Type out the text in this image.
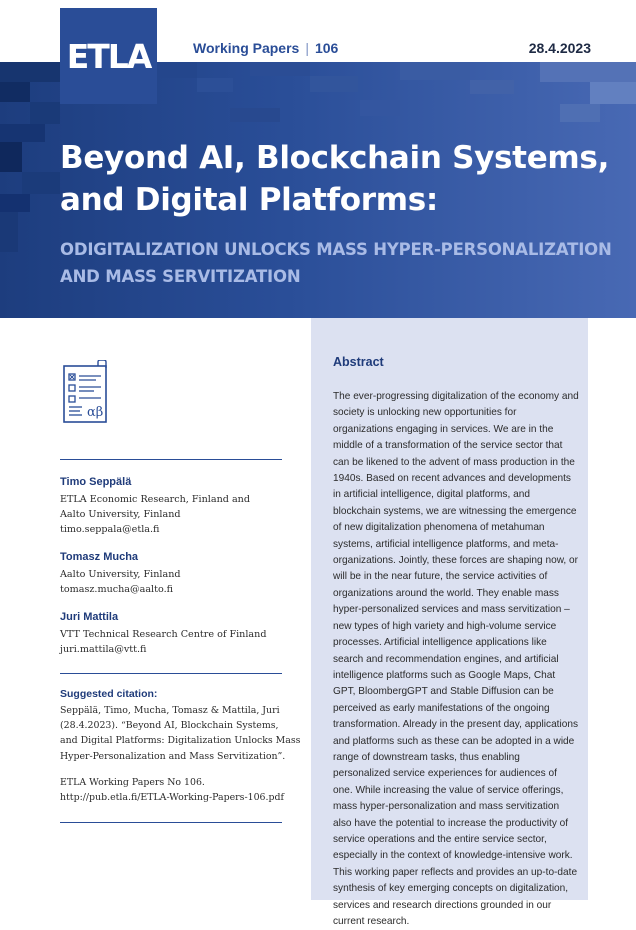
ETLA	Working Papers | 106	28.4.2023
Beyond AI, Blockchain Systems,
and Digital Platforms:
ODIGITALIZATION UNLOCKS MASS HYPER-PERSONALIZATION
AND MASS SERVITIZATION
αβ

Timo Seppälä

ETLA Economic Research, Finland and

Aalto University, Finland

timo.seppala@etla.fi

Tomasz Mucha

Aalto University, Finland

tomasz.mucha@aalto.fi

Juri Mattila

VTT Technical Research Centre of Finland

juri.mattila@vtt.fi

Suggested citation:

Seppälä, Timo, Mucha, Tomasz & Mattila, Juri

(28.4.2023). “Beyond AI, Blockchain Systems,

and Digital Platforms: Digitalization Unlocks Mass

Hyper-Personalization and Mass Servitization”.

ETLA Working Papers No 106.

http://pub.etla.fi/ETLA-Working-Papers-106.pdf

Abstract

The ever-progressing digitalization of the economy and society is unlocking new opportunities for organizations engaging in services. We are in the middle of a transformation of the service sector that can be likened to the advent of mass production in the 1940s. Based on recent advances and developments in artificial intelligence, digital platforms, and blockchain systems, we are witnessing the emergence of new digitalization phenomena of metahuman systems, artificial intelligence platforms, and meta-organizations. Jointly, these forces are shaping now, or will be in the near future, the service activities of organizations around the world. They enable mass hyper-personalized services and mass servitization – new types of high variety and high-volume service processes. Artificial intelligence applications like search and recommendation engines, and artificial intelligence platforms such as Google Maps, Chat GPT, BloombergGPT and Stable Diffusion can be perceived as early manifestations of the ongoing transformation. Already in the present day, applications and platforms such as these can be adopted in a wide range of downstream tasks, thus enabling personalized service experiences for audiences of one. While increasing the value of service offerings, mass hyper-personalization and mass servitization also have the potential to increase the productivity of service operations and the entire service sector, especially in the context of knowledge-intensive work. This working paper reflects and provides an up-to-date synthesis of key emerging concepts on digitalization, services and research directions grounded in our current research.
